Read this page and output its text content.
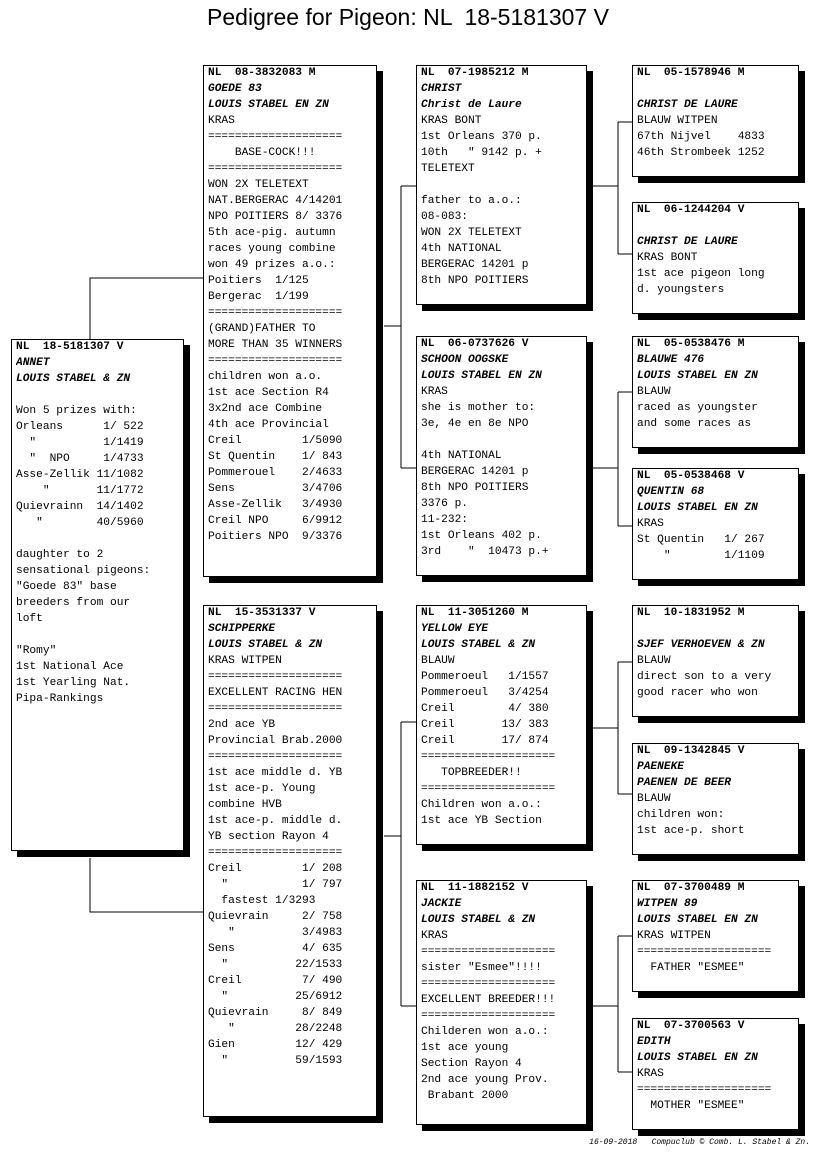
Pedigree for Pigeon: NL  18-5181307 V
NL  18-5181307 V
ANNET
LOUIS STABEL & ZN
Won 5 prizes with:
Orleans      1/ 522
"          1/1419
"  NPO     1/4733
Asse-Zellik 11/1082
"       11/1772
Quievrainn  14/1402
"        40/5960
daughter to 2
sensational pigeons:
"Goede 83" base
breeders from our
loft
"Romy"
1st National Ace
1st Yearling Nat.
Pipa-Rankings
NL  08-3832083 M
GOEDE 83
LOUIS STABEL EN ZN
KRAS
====================
BASE-COCK!!!
====================
WON 2X TELETEXT
NAT.BERGERAC 4/14201
NPO POITIERS 8/ 3376
5th ace-pig. autumn
races young combine
won 49 prizes a.o.:
Poitiers  1/125
Bergerac  1/199
====================
(GRAND)FATHER TO
MORE THAN 35 WINNERS
====================
children won a.o.
1st ace Section R4
3x2nd ace Combine
4th ace Provincial
Creil         1/5090
St Quentin    1/ 843
Pommerouel    2/4633
Sens          3/4706
Asse-Zellik   3/4930
Creil NPO     6/9912
Poitiers NPO  9/3376
NL  15-3531337 V
SCHIPPERKE
LOUIS STABEL & ZN
KRAS WITPEN
====================
EXCELLENT RACING HEN
====================
2nd ace YB
Provincial Brab.2000
====================
1st ace middle d. YB
1st ace-p. Young
combine HVB
1st ace-p. middle d.
YB section Rayon 4
====================
Creil         1/ 208
"           1/ 797
fastest 1/3293
Quievrain     2/ 758
"          3/4983
Sens          4/ 635
"          22/1533
Creil         7/ 490
"          25/6912
Quievrain     8/ 849
"         28/2248
Gien         12/ 429
"          59/1593
NL  07-1985212 M
CHRIST
Christ de Laure
KRAS BONT
1st Orleans 370 p.
10th   " 9142 p. +
TELETEXT
father to a.o.:
08-083:
WON 2X TELETEXT
4th NATIONAL
BERGERAC 14201 p
8th NPO POITIERS
NL  06-0737626 V
SCHOON OOGSKE
LOUIS STABEL EN ZN
KRAS
she is mother to:
3e, 4e en 8e NPO
4th NATIONAL
BERGERAC 14201 p
8th NPO POITIERS
3376 p.
11-232:
1st Orleans 402 p.
3rd    "  10473 p.+
NL  11-3051260 M
YELLOW EYE
LOUIS STABEL & ZN
BLAUW
Pommeroeul   1/1557
Pommeroeul   3/4254
Creil        4/ 380
Creil       13/ 383
Creil       17/ 874
====================
TOPBREEDER!!
====================
Children won a.o.:
1st ace YB Section
NL  11-1882152 V
JACKIE
LOUIS STABEL & ZN
KRAS
====================
sister "Esmee"!!!!
====================
EXCELLENT BREEDER!!!
====================
Childeren won a.o.:
1st ace young
Section Rayon 4
2nd ace young Prov.
Brabant 2000
NL  05-1578946 M
CHRIST DE LAURE
BLAUW WITPEN
67th Nijvel    4833
46th Strombeek 1252
NL  06-1244204 V
CHRIST DE LAURE
KRAS BONT
1st ace pigeon long
d. youngsters
NL  05-0538476 M
BLAUWE 476
LOUIS STABEL EN ZN
BLAUW
raced as youngster
and some races as
NL  05-0538468 V
QUENTIN 68
LOUIS STABEL EN ZN
KRAS
St Quentin   1/ 267
"        1/1109
NL  10-1831952 M
SJEF VERHOEVEN & ZN
BLAUW
direct son to a very
good racer who won
NL  09-1342845 V
PAENEKE
PAENEN DE BEER
BLAUW
children won:
1st ace-p. short
NL  07-3700489 M
WITPEN 89
LOUIS STABEL EN ZN
KRAS WITPEN
====================
FATHER "ESMEE"
NL  07-3700563 V
EDITH
LOUIS STABEL EN ZN
KRAS
====================
MOTHER "ESMEE"
16-09-2018   Compuclub © Comb. L. Stabel & Zn.
